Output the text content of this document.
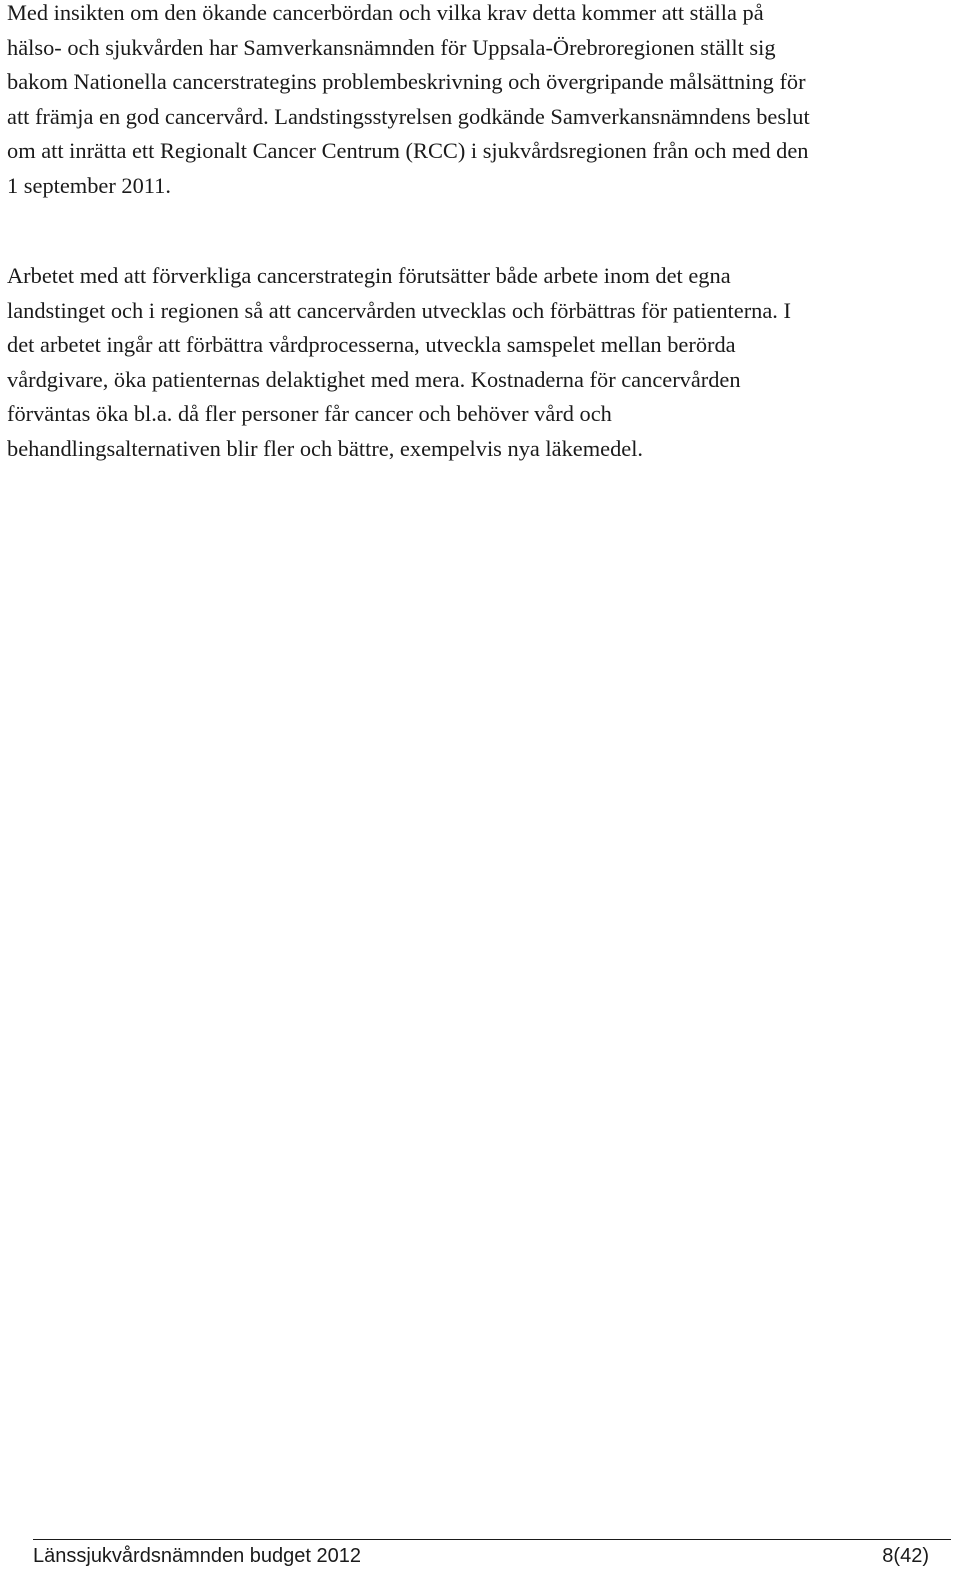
Med insikten om den ökande cancerbördan och vilka krav detta kommer att ställa på
hälso- och sjukvården har Samverkansnämnden för Uppsala-Örebroregionen ställt sig
bakom Nationella cancerstrategins problembeskrivning och övergripande målsättning för
att främja en god cancervård. Landstingsstyrelsen godkände Samverkansnämndens beslut
om att inrätta ett Regionalt Cancer Centrum (RCC) i sjukvårdsregionen från och med den
1 september 2011.

Arbetet med att förverkliga cancerstrategin förutsätter både arbete inom det egna
landstinget och i regionen så att cancervården utvecklas och förbättras för patienterna. I
det arbetet ingår att förbättra vårdprocesserna, utveckla samspelet mellan berörda
vårdgivare, öka patienternas delaktighet med mera. Kostnaderna för cancervården
förväntas öka bl.a. då fler personer får cancer och behöver vård och
behandlingsalternativen blir fler och bättre, exempelvis nya läkemedel.

Länssjukvårdsnämnden budget 2012	8(42)
